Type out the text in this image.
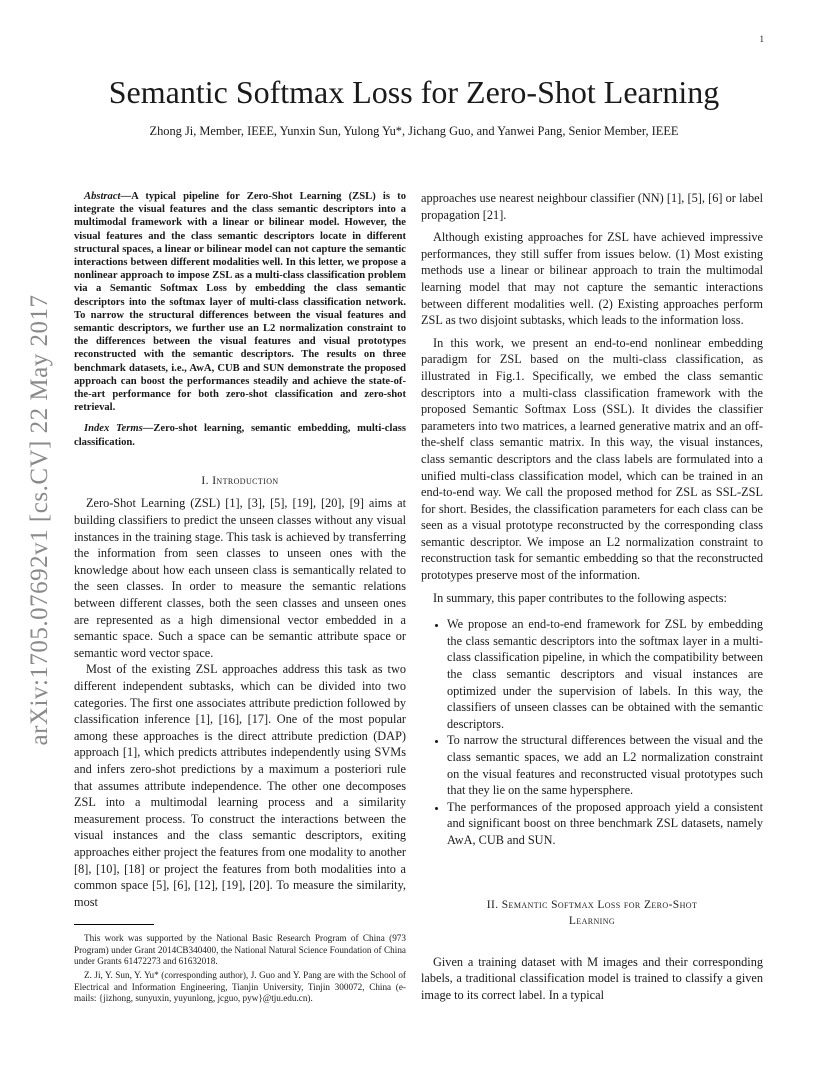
1
arXiv:1705.07692v1 [cs.CV] 22 May 2017
Semantic Softmax Loss for Zero-Shot Learning
Zhong Ji, Member, IEEE, Yunxin Sun, Yulong Yu*, Jichang Guo, and Yanwei Pang, Senior Member, IEEE

Abstract—A typical pipeline for Zero-Shot Learning (ZSL) is to integrate the visual features and the class semantic descriptors into a multimodal framework with a linear or bilinear model. However, the visual features and the class semantic descriptors locate in different structural spaces, a linear or bilinear model can not capture the semantic interactions between different modalities well. In this letter, we propose a nonlinear approach to impose ZSL as a multi-class classification problem via a Semantic Softmax Loss by embedding the class semantic descriptors into the softmax layer of multi-class classification network. To narrow the structural differences between the visual features and semantic descriptors, we further use an L2 normalization constraint to the differences between the visual features and visual prototypes reconstructed with the semantic descriptors. The results on three benchmark datasets, i.e., AwA, CUB and SUN demonstrate the proposed approach can boost the performances steadily and achieve the state-of-the-art performance for both zero-shot classification and zero-shot retrieval.

Index Terms—Zero-shot learning, semantic embedding, multi-class classification.

I. Introduction

Zero-Shot Learning (ZSL) [1], [3], [5], [19], [20], [9] aims at building classifiers to predict the unseen classes without any visual instances in the training stage. This task is achieved by transferring the information from seen classes to unseen ones with the knowledge about how each unseen class is semantically related to the seen classes. In order to measure the semantic relations between different classes, both the seen classes and unseen ones are represented as a high dimensional vector embedded in a semantic space. Such a space can be semantic attribute space or semantic word vector space.

Most of the existing ZSL approaches address this task as two different independent subtasks, which can be divided into two categories. The first one associates attribute prediction followed by classification inference [1], [16], [17]. One of the most popular among these approaches is the direct attribute prediction (DAP) approach [1], which predicts attributes independently using SVMs and infers zero-shot predictions by a maximum a posteriori rule that assumes attribute independence. The other one decomposes ZSL into a multimodal learning process and a similarity measurement process. To construct the interactions between the visual instances and the class semantic descriptors, exiting approaches either project the features from one modality to another [8], [10], [18] or project the features from both modalities into a common space [5], [6], [12], [19], [20]. To measure the similarity, most

This work was supported by the National Basic Research Program of China (973 Program) under Grant 2014CB340400, the National Natural Science Foundation of China under Grants 61472273 and 61632018.

Z. Ji, Y. Sun, Y. Yu* (corresponding author), J. Guo and Y. Pang are with the School of Electrical and Information Engineering, Tianjin University, Tinjin 300072, China (e-mails: {jizhong, sunyuxin, yuyunlong, jcguo, pyw}@tju.edu.cn).

approaches use nearest neighbour classifier (NN) [1], [5], [6] or label propagation [21].

Although existing approaches for ZSL have achieved impressive performances, they still suffer from issues below. (1) Most existing methods use a linear or bilinear approach to train the multimodal learning model that may not capture the semantic interactions between different modalities well. (2) Existing approaches perform ZSL as two disjoint subtasks, which leads to the information loss.

In this work, we present an end-to-end nonlinear embedding paradigm for ZSL based on the multi-class classification, as illustrated in Fig.1. Specifically, we embed the class semantic descriptors into a multi-class classification framework with the proposed Semantic Softmax Loss (SSL). It divides the classifier parameters into two matrices, a learned generative matrix and an off-the-shelf class semantic matrix. In this way, the visual instances, class semantic descriptors and the class labels are formulated into a unified multi-class classification model, which can be trained in an end-to-end way. We call the proposed method for ZSL as SSL-ZSL for short. Besides, the classification parameters for each class can be seen as a visual prototype reconstructed by the corresponding class semantic descriptor. We impose an L2 normalization constraint to reconstruction task for semantic embedding so that the reconstructed prototypes preserve most of the information.

In summary, this paper contributes to the following aspects:

• We propose an end-to-end framework for ZSL by embedding the class semantic descriptors into the softmax layer in a multi-class classification pipeline, in which the compatibility between the class semantic descriptors and visual instances are optimized under the supervision of labels. In this way, the classifiers of unseen classes can be obtained with the semantic descriptors.
• To narrow the structural differences between the visual and the class semantic spaces, we add an L2 normalization constraint on the visual features and reconstructed visual prototypes such that they lie on the same hypersphere.
• The performances of the proposed approach yield a consistent and significant boost on three benchmark ZSL datasets, namely AwA, CUB and SUN.
II. Semantic Softmax Loss for Zero-Shot
Learning

Given a training dataset with M images and their corresponding labels, a traditional classification model is trained to classify a given image to its correct label. In a typical
